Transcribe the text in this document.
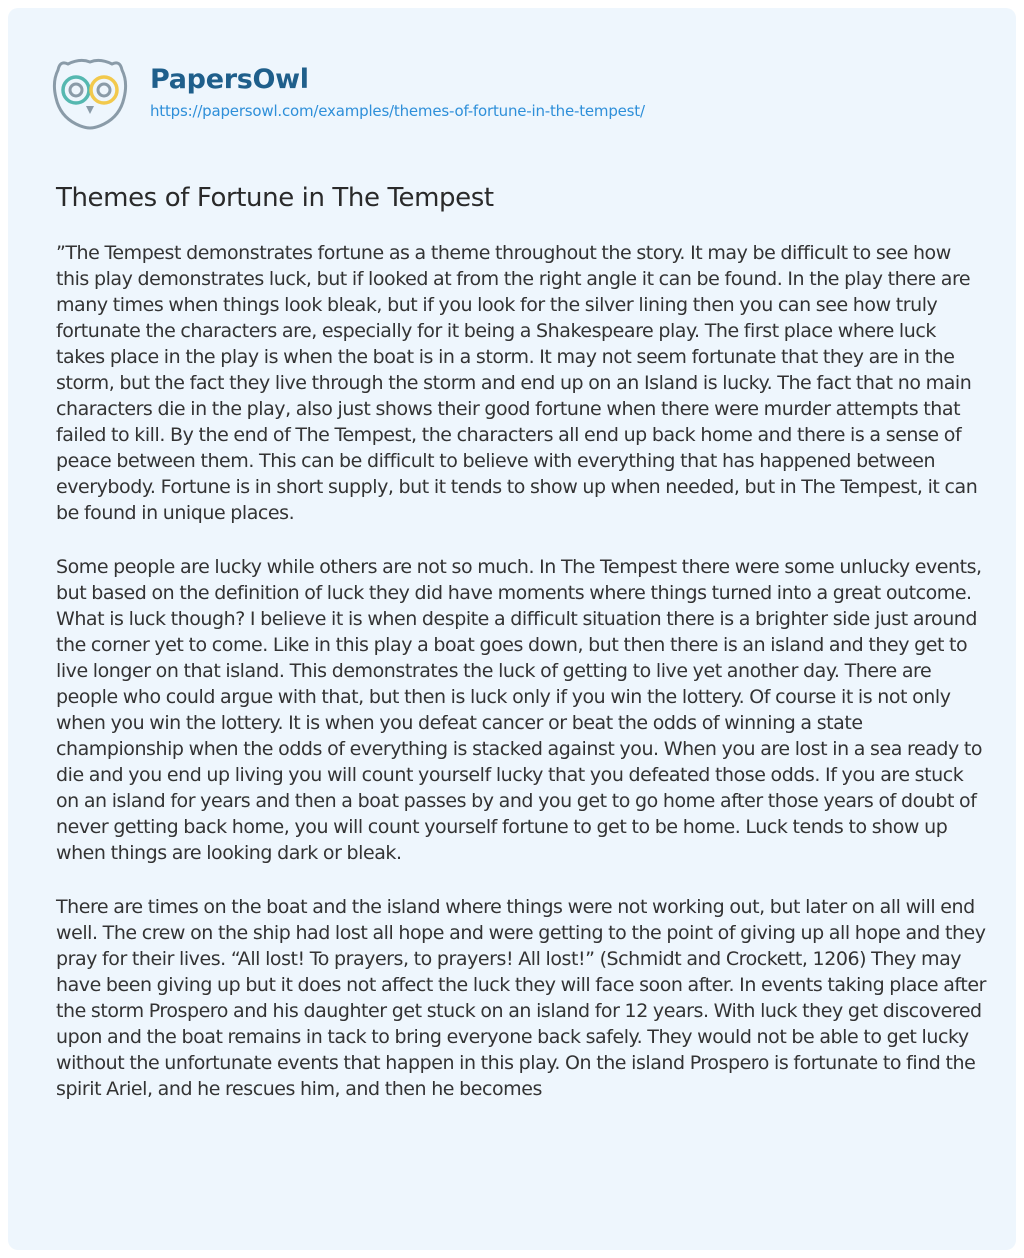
PapersOwl
https://papersowl.com/examples/themes-of-fortune-in-the-tempest/
Themes of Fortune in The Tempest

”The Tempest demonstrates fortune as a theme throughout the story. It may be difficult to see how this play demonstrates luck, but if looked at from the right angle it can be found. In the play there are many times when things look bleak, but if you look for the silver lining then you can see how truly fortunate the characters are, especially for it being a Shakespeare play. The first place where luck takes place in the play is when the boat is in a storm. It may not seem fortunate that they are in the storm, but the fact they live through the storm and end up on an Island is lucky. The fact that no main characters die in the play, also just shows their good fortune when there were murder attempts that failed to kill. By the end of The Tempest, the characters all end up back home and there is a sense of peace between them. This can be difficult to believe with everything that has happened between everybody. Fortune is in short supply, but it tends to show up when needed, but in The Tempest, it can be found in unique places.

Some people are lucky while others are not so much. In The Tempest there were some unlucky events, but based on the definition of luck they did have moments where things turned into a great outcome. What is luck though? I believe it is when despite a difficult situation there is a brighter side just around the corner yet to come. Like in this play a boat goes down, but then there is an island and they get to live longer on that island. This demonstrates the luck of getting to live yet another day. There are people who could argue with that, but then is luck only if you win the lottery. Of course it is not only when you win the lottery. It is when you defeat cancer or beat the odds of winning a state championship when the odds of everything is stacked against you. When you are lost in a sea ready to die and you end up living you will count yourself lucky that you defeated those odds. If you are stuck on an island for years and then a boat passes by and you get to go home after those years of doubt of never getting back home, you will count yourself fortune to get to be home. Luck tends to show up when things are looking dark or bleak.

There are times on the boat and the island where things were not working out, but later on all will end well. The crew on the ship had lost all hope and were getting to the point of giving up all hope and they pray for their lives. “All lost! To prayers, to prayers! All lost!” (Schmidt and Crockett, 1206) They may have been giving up but it does not affect the luck they will face soon after. In events taking place after the storm Prospero and his daughter get stuck on an island for 12 years. With luck they get discovered upon and the boat remains in tack to bring everyone back safely. They would not be able to get lucky without the unfortunate events that happen in this play. On the island Prospero is fortunate to find the spirit Ariel, and he rescues him, and then he becomes
